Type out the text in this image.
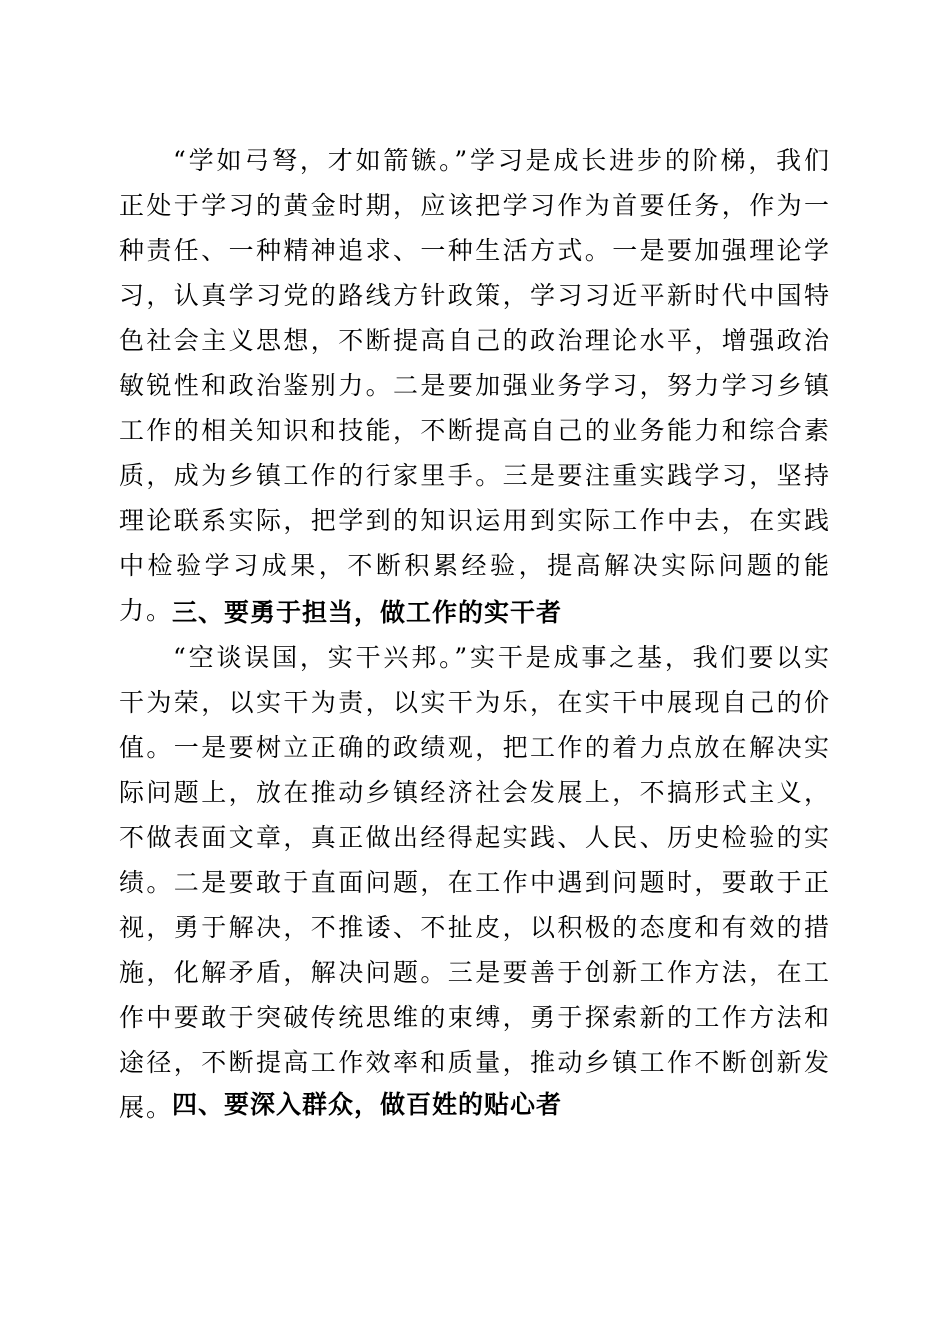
“学如弓弩，才如箭镞。”学习是成长进步的阶梯，我们正处于学习的黄金时期，应该把学习作为首要任务，作为一种责任、一种精神追求、一种生活方式。一是要加强理论学习，认真学习党的路线方针政策，学习习近平新时代中国特色社会主义思想，不断提高自己的政治理论水平，增强政治敏锐性和政治鉴别力。二是要加强业务学习，努力学习乡镇工作的相关知识和技能，不断提高自己的业务能力和综合素质，成为乡镇工作的行家里手。三是要注重实践学习，坚持理论联系实际，把学到的知识运用到实际工作中去，在实践中检验学习成果，不断积累经验，提高解决实际问题的能力。

三、要勇于担当，做工作的实干者

“空谈误国，实干兴邦。”实干是成事之基，我们要以实干为荣，以实干为责，以实干为乐，在实干中展现自己的价值。一是要树立正确的政绩观，把工作的着力点放在解决实际问题上，放在推动乡镇经济社会发展上，不搞形式主义，不做表面文章，真正做出经得起实践、人民、历史检验的实绩。二是要敢于直面问题，在工作中遇到问题时，要敢于正视，勇于解决，不推诿、不扯皮，以积极的态度和有效的措施，化解矛盾，解决问题。三是要善于创新工作方法，在工作中要敢于突破传统思维的束缚，勇于探索新的工作方法和途径，不断提高工作效率和质量，推动乡镇工作不断创新发展。

四、要深入群众，做百姓的贴心者
